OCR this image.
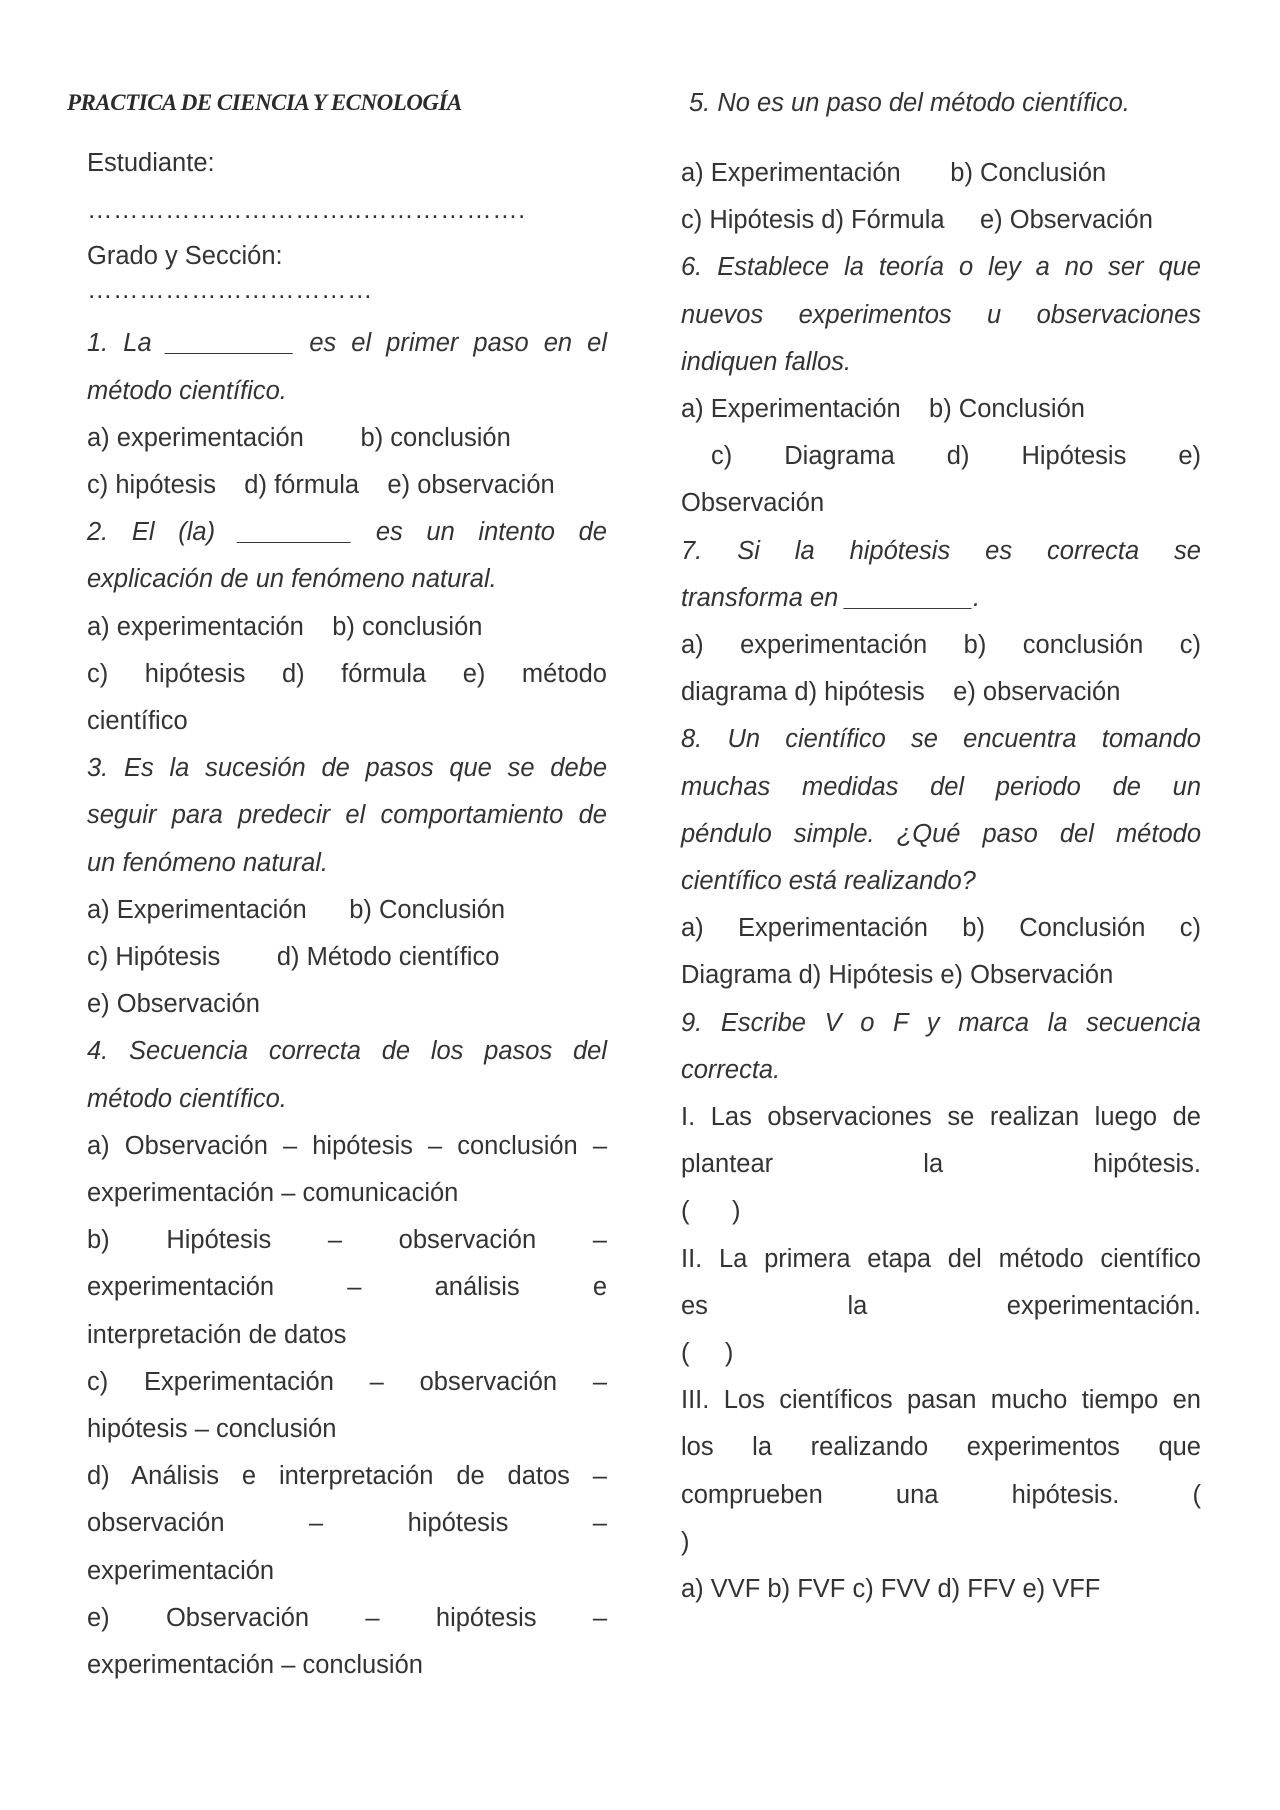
PRACTICA DE CIENCIA Y ECNOLOGÍA
Estudiante:
…………………………..……………….
Grado y Sección:
……………………………
1. La _________ es el primer paso en el
método científico.
a) experimentación        b) conclusión
c) hipótesis    d) fórmula    e) observación
2. El (la) ________ es un intento de
explicación de un fenómeno natural.
a) experimentación    b) conclusión
c) hipótesis d) fórmula e) método
científico
3. Es la sucesión de pasos que se debe
seguir para predecir el comportamiento de
un fenómeno natural.
a) Experimentación      b) Conclusión
c) Hipótesis        d) Método científico
e) Observación
4. Secuencia correcta de los pasos del
método científico.
a) Observación – hipótesis – conclusión –
experimentación – comunicación
b) Hipótesis – observación –
experimentación – análisis e
interpretación de datos
c) Experimentación – observación –
hipótesis – conclusión
d) Análisis e interpretación de datos –
observación – hipótesis –
experimentación
e) Observación – hipótesis –
experimentación – conclusión
5. No es un paso del método científico.
a) Experimentación       b) Conclusión
c) Hipótesis d) Fórmula     e) Observación
6. Establece la teoría o ley a no ser que
nuevos experimentos u observaciones
indiquen fallos.
a) Experimentación    b) Conclusión
c) Diagrama d) Hipótesis e)
Observación
7. Si la hipótesis es correcta se
transforma en _________.
a) experimentación b) conclusión c)
diagrama d) hipótesis    e) observación
8. Un científico se encuentra tomando
muchas medidas del periodo de un
péndulo simple. ¿Qué paso del método
científico está realizando?
a) Experimentación b) Conclusión c)
Diagrama d) Hipótesis e) Observación
9. Escribe V o F y marca la secuencia
correcta.
I. Las observaciones se realizan luego de
plantear la hipótesis.
(      )
II. La primera etapa del método científico
es la experimentación.
(     )
III. Los científicos pasan mucho tiempo en
los la realizando experimentos que
comprueben una hipótesis. (
)
a) VVF b) FVF c) FVV d) FFV e) VFF
